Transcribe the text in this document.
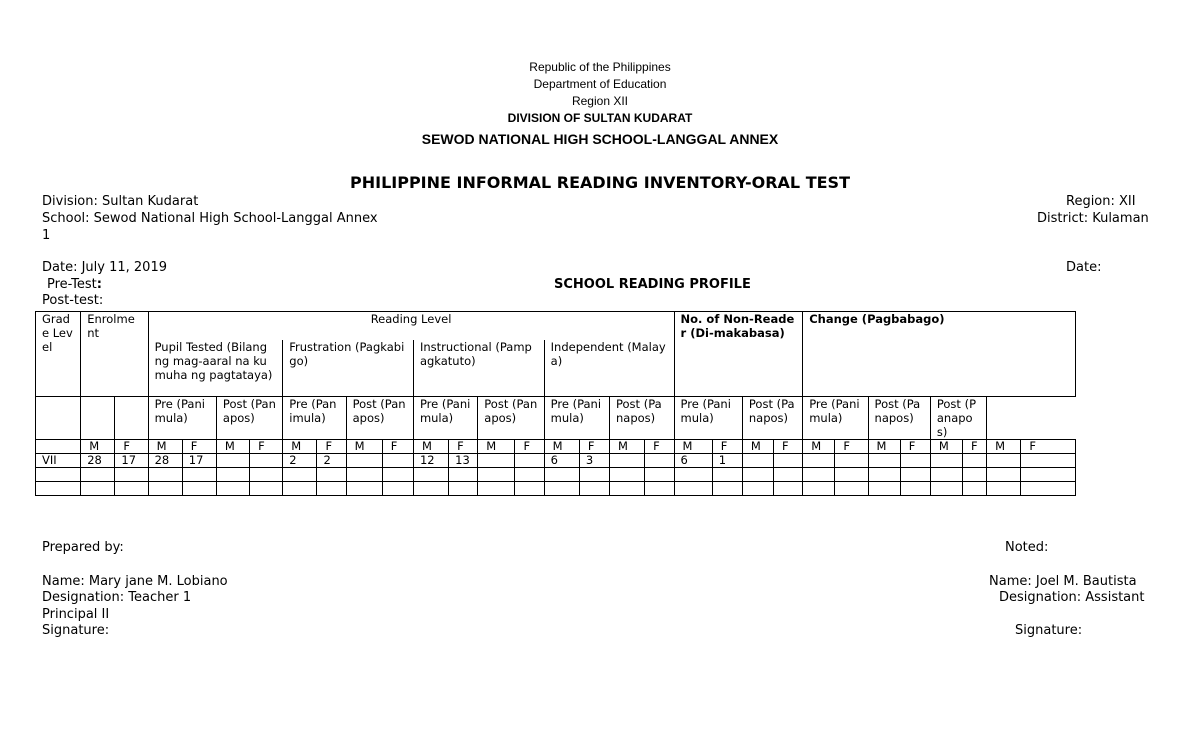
Republic of the Philippines
Department of Education
Region XII
DIVISION OF SULTAN KUDARAT
SEWOD NATIONAL HIGH SCHOOL-LANGGAL ANNEX
PHILIPPINE INFORMAL READING INVENTORY-ORAL TEST
Division: Sultan Kudarat	Region: XII
School: Sewod National High School-Langgal Annex	District: Kulaman
1
Date: July 11, 2019	Date:
Pre-Test:	SCHOOL READING PROFILE
Post-test:
Grade Level	Enrolment		Reading Level																No. of Non-Reader (Di-makabasa)				Change (Pagbabago)							
			Pupil Tested (Bilang ng mag-aaral na kumuha ng pagtataya)				Frustration (Pagkabigo)				Instructional (Pampagkatuto)				Independent (Malaya)															
			Pre (Panimula)		Post (Panapos)		Pre (Panimula)		Post (Panapos)		Pre (Panimula)		Post (Panapos)		Pre (Panimula)		Post (Panapos)		Pre (Panimula)		Post (Panapos)		Pre (Panimula)		Post (Panapos)		Post (Panapos)			
	M	F	M	F	M	F	M	F	M	F	M	F	M	F	M	F	M	F	M	F	M	F	M	F	M	F	M	F	M	F
VII	28	17	28	17			2	2			12	13			6	3			6	1										

Prepared by:	Noted:
Name: Mary jane M. Lobiano	Name: Joel M. Bautista
Designation: Teacher 1	Designation: Assistant
Principal II
Signature:	Signature:
